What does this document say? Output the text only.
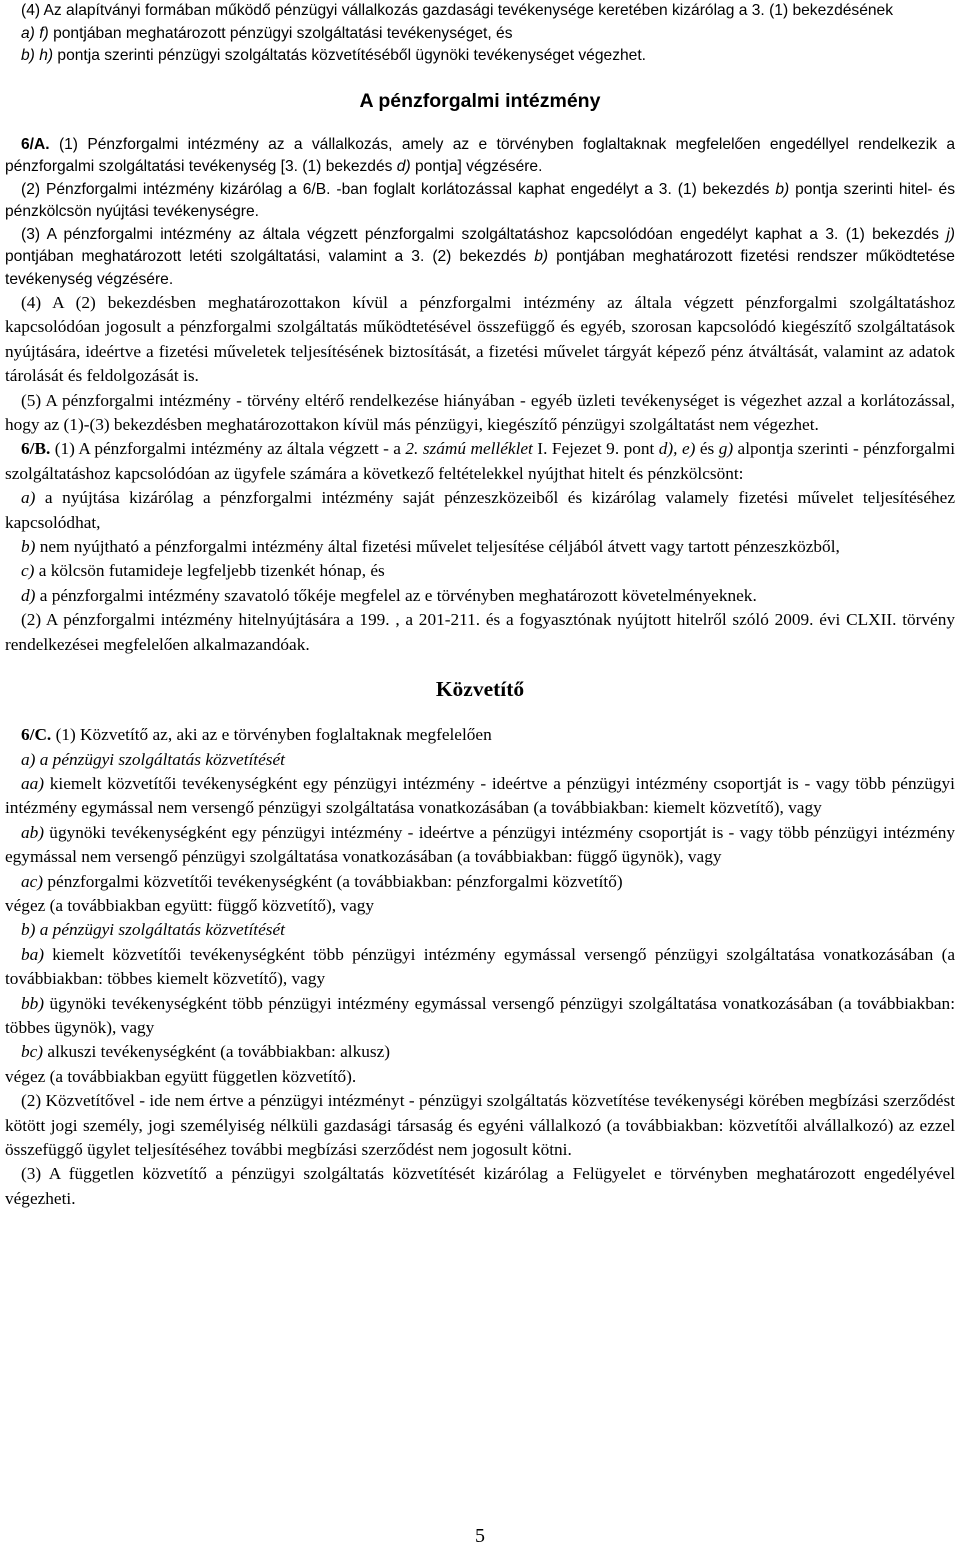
(4) Az alapítványi formában működő pénzügyi vállalkozás gazdasági tevékenysége keretében kizárólag a 3. (1) bekezdésének

a) f) pontjában meghatározott pénzügyi szolgáltatási tevékenységet, és

b) h) pontja szerinti pénzügyi szolgáltatás közvetítéséből ügynöki tevékenységet végezhet.

A pénzforgalmi intézmény

6/A. (1) Pénzforgalmi intézmény az a vállalkozás, amely az e törvényben foglaltaknak megfelelően engedéllyel rendelkezik a pénzforgalmi szolgáltatási tevékenység [3. (1) bekezdés d) pontja] végzésére.

(2) Pénzforgalmi intézmény kizárólag a 6/B. -ban foglalt korlátozással kaphat engedélyt a 3. (1) bekezdés b) pontja szerinti hitel- és pénzkölcsön nyújtási tevékenységre.

(3) A pénzforgalmi intézmény az általa végzett pénzforgalmi szolgáltatáshoz kapcsolódóan engedélyt kaphat a 3. (1) bekezdés j) pontjában meghatározott letéti szolgáltatási, valamint a 3. (2) bekezdés b) pontjában meghatározott fizetési rendszer működtetése tevékenység végzésére.

(4) A (2) bekezdésben meghatározottakon kívül a pénzforgalmi intézmény az általa végzett pénzforgalmi szolgáltatáshoz kapcsolódóan jogosult a pénzforgalmi szolgáltatás működtetésével összefüggő és egyéb, szorosan kapcsolódó kiegészítő szolgáltatások nyújtására, ideértve a fizetési műveletek teljesítésének biztosítását, a fizetési művelet tárgyát képező pénz átváltását, valamint az adatok tárolását és feldolgozását is.

(5) A pénzforgalmi intézmény - törvény eltérő rendelkezése hiányában - egyéb üzleti tevékenységet is végezhet azzal a korlátozással, hogy az (1)-(3) bekezdésben meghatározottakon kívül más pénzügyi, kiegészítő pénzügyi szolgáltatást nem végezhet.

6/B. (1) A pénzforgalmi intézmény az általa végzett - a 2. számú melléklet I. Fejezet 9. pont d), e) és g) alpontja szerinti - pénzforgalmi szolgáltatáshoz kapcsolódóan az ügyfele számára a következő feltételekkel nyújthat hitelt és pénzkölcsönt:

a) a nyújtása kizárólag a pénzforgalmi intézmény saját pénzeszközeiből és kizárólag valamely fizetési művelet teljesítéséhez kapcsolódhat,

b) nem nyújtható a pénzforgalmi intézmény által fizetési művelet teljesítése céljából átvett vagy tartott pénzeszközből,

c) a kölcsön futamideje legfeljebb tizenkét hónap, és

d) a pénzforgalmi intézmény szavatoló tőkéje megfelel az e törvényben meghatározott követelményeknek.

(2) A pénzforgalmi intézmény hitelnyújtására a 199. , a 201-211. és a fogyasztónak nyújtott hitelről szóló 2009. évi CLXII. törvény rendelkezései megfelelően alkalmazandóak.

Közvetítő

6/C. (1) Közvetítő az, aki az e törvényben foglaltaknak megfelelően

a) a pénzügyi szolgáltatás közvetítését

aa) kiemelt közvetítői tevékenységként egy pénzügyi intézmény - ideértve a pénzügyi intézmény csoportját is - vagy több pénzügyi intézmény egymással nem versengő pénzügyi szolgáltatása vonatkozásában (a továbbiakban: kiemelt közvetítő), vagy

ab) ügynöki tevékenységként egy pénzügyi intézmény - ideértve a pénzügyi intézmény csoportját is - vagy több pénzügyi intézmény egymással nem versengő pénzügyi szolgáltatása vonatkozásában (a továbbiakban: függő ügynök), vagy

ac) pénzforgalmi közvetítői tevékenységként (a továbbiakban: pénzforgalmi közvetítő)

végez (a továbbiakban együtt: függő közvetítő), vagy

b) a pénzügyi szolgáltatás közvetítését

ba) kiemelt közvetítői tevékenységként több pénzügyi intézmény egymással versengő pénzügyi szolgáltatása vonatkozásában (a továbbiakban: többes kiemelt közvetítő), vagy

bb) ügynöki tevékenységként több pénzügyi intézmény egymással versengő pénzügyi szolgáltatása vonatkozásában (a továbbiakban: többes ügynök), vagy

bc) alkuszi tevékenységként (a továbbiakban: alkusz)

végez (a továbbiakban együtt független közvetítő).

(2) Közvetítővel - ide nem értve a pénzügyi intézményt - pénzügyi szolgáltatás közvetítése tevékenységi körében megbízási szerződést kötött jogi személy, jogi személyiség nélküli gazdasági társaság és egyéni vállalkozó (a továbbiakban: közvetítői alvállalkozó) az ezzel összefüggő ügylet teljesítéséhez további megbízási szerződést nem jogosult kötni.

(3) A független közvetítő a pénzügyi szolgáltatás közvetítését kizárólag a Felügyelet e törvényben meghatározott engedélyével végezheti.

5
